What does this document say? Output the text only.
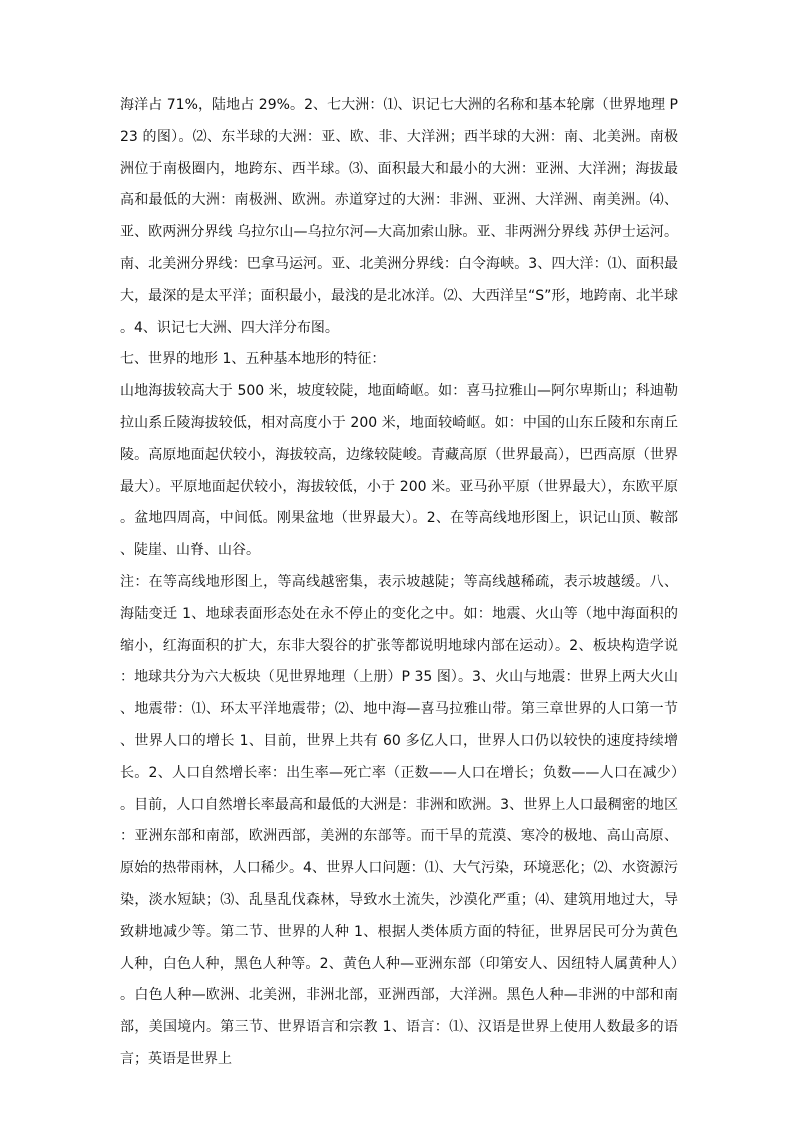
海洋占 71%，陆地占 29%。2、七大洲：⑴、识记七大洲的名称和基本轮廓（世界地理 P 23 的图）。⑵、东半球的大洲：亚、欧、非、大洋洲；西半球的大洲：南、北美洲。南极洲位于南极圈内，地跨东、西半球。⑶、面积最大和最小的大洲：亚洲、大洋洲；海拔最高和最低的大洲：南极洲、欧洲。赤道穿过的大洲：非洲、亚洲、大洋洲、南美洲。⑷、亚、欧两洲分界线 乌拉尔山—乌拉尔河—大高加索山脉。亚、非两洲分界线 苏伊士运河。南、北美洲分界线：巴拿马运河。亚、北美洲分界线：白令海峡。3、四大洋：⑴、面积最大，最深的是太平洋；面积最小，最浅的是北冰洋。⑵、大西洋呈“S”形，地跨南、北半球。4、识记七大洲、四大洋分布图。

七、世界的地形 1、五种基本地形的特征：

山地海拔较高大于 500 米，坡度较陡，地面崎岖。如：喜马拉雅山—阿尔卑斯山；科迪勒拉山系丘陵海拔较低，相对高度小于 200 米，地面较崎岖。如：中国的山东丘陵和东南丘陵。高原地面起伏较小，海拔较高，边缘较陡峻。青藏高原（世界最高），巴西高原（世界最大）。平原地面起伏较小，海拔较低，小于 200 米。亚马孙平原（世界最大），东欧平原。盆地四周高，中间低。刚果盆地（世界最大）。2、在等高线地形图上，识记山顶、鞍部、陡崖、山脊、山谷。

注：在等高线地形图上，等高线越密集，表示坡越陡；等高线越稀疏，表示坡越缓。八、海陆变迁 1、地球表面形态处在永不停止的变化之中。如：地震、火山等（地中海面积的缩小，红海面积的扩大，东非大裂谷的扩张等都说明地球内部在运动）。2、板块构造学说：地球共分为六大板块（见世界地理（上册）P 35 图）。3、火山与地震：世界上两大火山、地震带：⑴、环太平洋地震带；⑵、地中海—喜马拉雅山带。第三章世界的人口第一节、世界人口的增长 1、目前，世界上共有 60 多亿人口，世界人口仍以较快的速度持续增长。2、人口自然增长率：出生率—死亡率（正数——人口在增长；负数——人口在减少）。目前，人口自然增长率最高和最低的大洲是：非洲和欧洲。3、世界上人口最稠密的地区：亚洲东部和南部，欧洲西部，美洲的东部等。而干旱的荒漠、寒冷的极地、高山高原、原始的热带雨林，人口稀少。4、世界人口问题：⑴、大气污染，环境恶化；⑵、水资源污染，淡水短缺；⑶、乱垦乱伐森林，导致水土流失，沙漠化严重；⑷、建筑用地过大，导致耕地减少等。第二节、世界的人种 1、根据人类体质方面的特征，世界居民可分为黄色人种，白色人种，黑色人种等。2、黄色人种—亚洲东部（印第安人、因纽特人属黄种人）。白色人种—欧洲、北美洲，非洲北部，亚洲西部，大洋洲。黑色人种—非洲的中部和南部，美国境内。第三节、世界语言和宗教 1、语言：⑴、汉语是世界上使用人数最多的语言；英语是世界上
